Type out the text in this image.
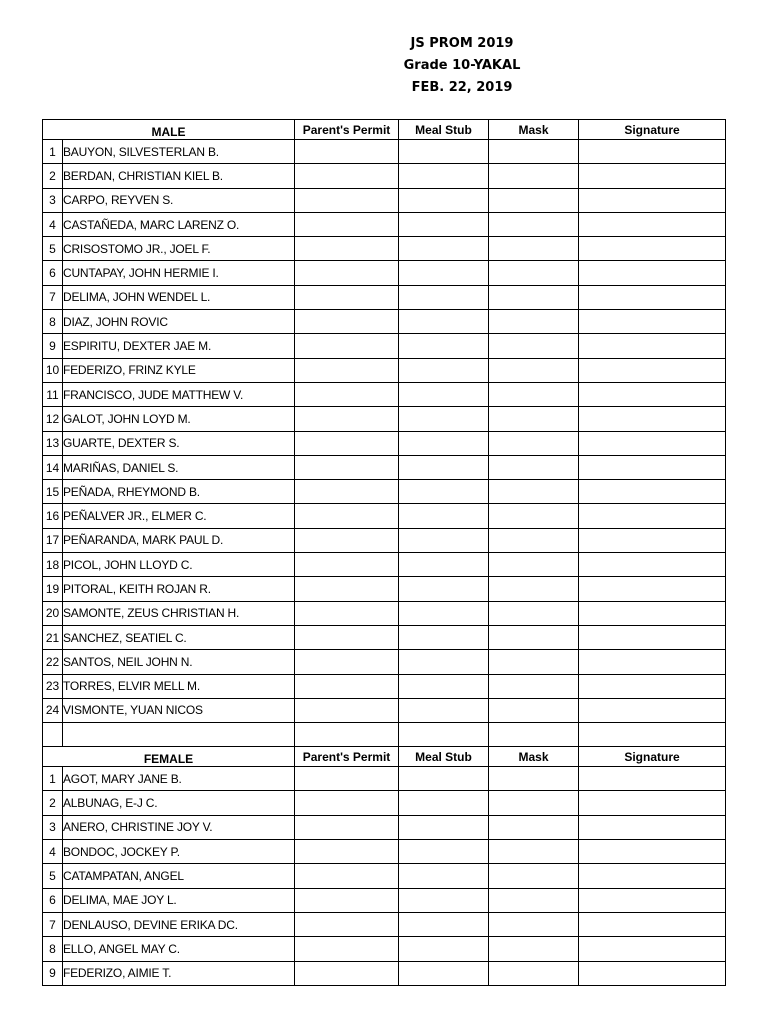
JS PROM 2019
Grade 10-YAKAL
FEB. 22, 2019
MALE		Parent's Permit	Meal Stub	Mask	Signature
1	BAUYON, SILVESTERLAN B.				
2	BERDAN, CHRISTIAN KIEL B.				
3	CARPO, REYVEN S.				
4	CASTAÑEDA, MARC LARENZ O.				
5	CRISOSTOMO JR., JOEL F.				
6	CUNTAPAY, JOHN HERMIE I.				
7	DELIMA, JOHN WENDEL L.				
8	DIAZ, JOHN ROVIC				
9	ESPIRITU, DEXTER JAE M.				
10	FEDERIZO, FRINZ KYLE				
11	FRANCISCO, JUDE MATTHEW V.				
12	GALOT, JOHN LOYD M.				
13	GUARTE, DEXTER S.				
14	MARIÑAS, DANIEL S.				
15	PEÑADA, RHEYMOND B.				
16	PEÑALVER JR., ELMER C.				
17	PEÑARANDA, MARK PAUL D.				
18	PICOL, JOHN LLOYD C.				
19	PITORAL, KEITH ROJAN R.				
20	SAMONTE, ZEUS CHRISTIAN H.				
21	SANCHEZ, SEATIEL C.				
22	SANTOS, NEIL JOHN N.				
23	TORRES, ELVIR MELL M.				
24	VISMONTE, YUAN NICOS				

FEMALE		Parent's Permit	Meal Stub	Mask	Signature
1	AGOT, MARY JANE B.				
2	ALBUNAG, E-J C.				
3	ANERO, CHRISTINE JOY V.				
4	BONDOC, JOCKEY P.				
5	CATAMPATAN, ANGEL				
6	DELIMA, MAE JOY L.				
7	DENLAUSO, DEVINE ERIKA DC.				
8	ELLO, ANGEL MAY C.				
9	FEDERIZO, AIMIE T.				
